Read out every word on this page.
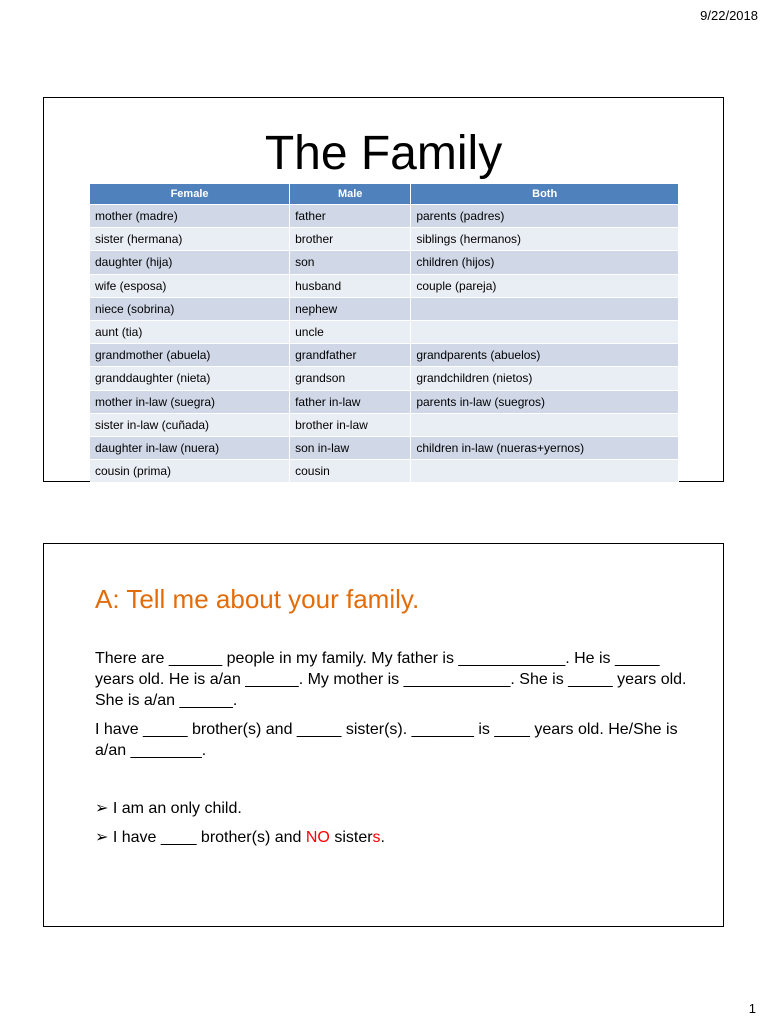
9/22/2018
The Family
Female	Male	Both
mother (madre)	father	parents (padres)
sister (hermana)	brother	siblings (hermanos)
daughter (hija)	son	children (hijos)
wife (esposa)	husband	couple (pareja)
niece (sobrina)	nephew	
aunt (tia)	uncle	
grandmother (abuela)	grandfather	grandparents (abuelos)
granddaughter (nieta)	grandson	grandchildren (nietos)
mother in-law (suegra)	father in-law	parents in-law (suegros)
sister in-law (cuñada)	brother in-law	
daughter in-law (nuera)	son in-law	children in-law (nueras+yernos)
cousin (prima)	cousin	
A: Tell me about your family.
There are ______ people in my family. My father is ____________. He is _____ years old. He is a/an ______. My mother is ____________. She is _____ years old. She is a/an ______.
I have _____ brother(s) and _____ sister(s). _______ is ____ years old. He/She is a/an ________.
➢ I am an only child.
➢ I have ____ brother(s) and NO sisters.
1
